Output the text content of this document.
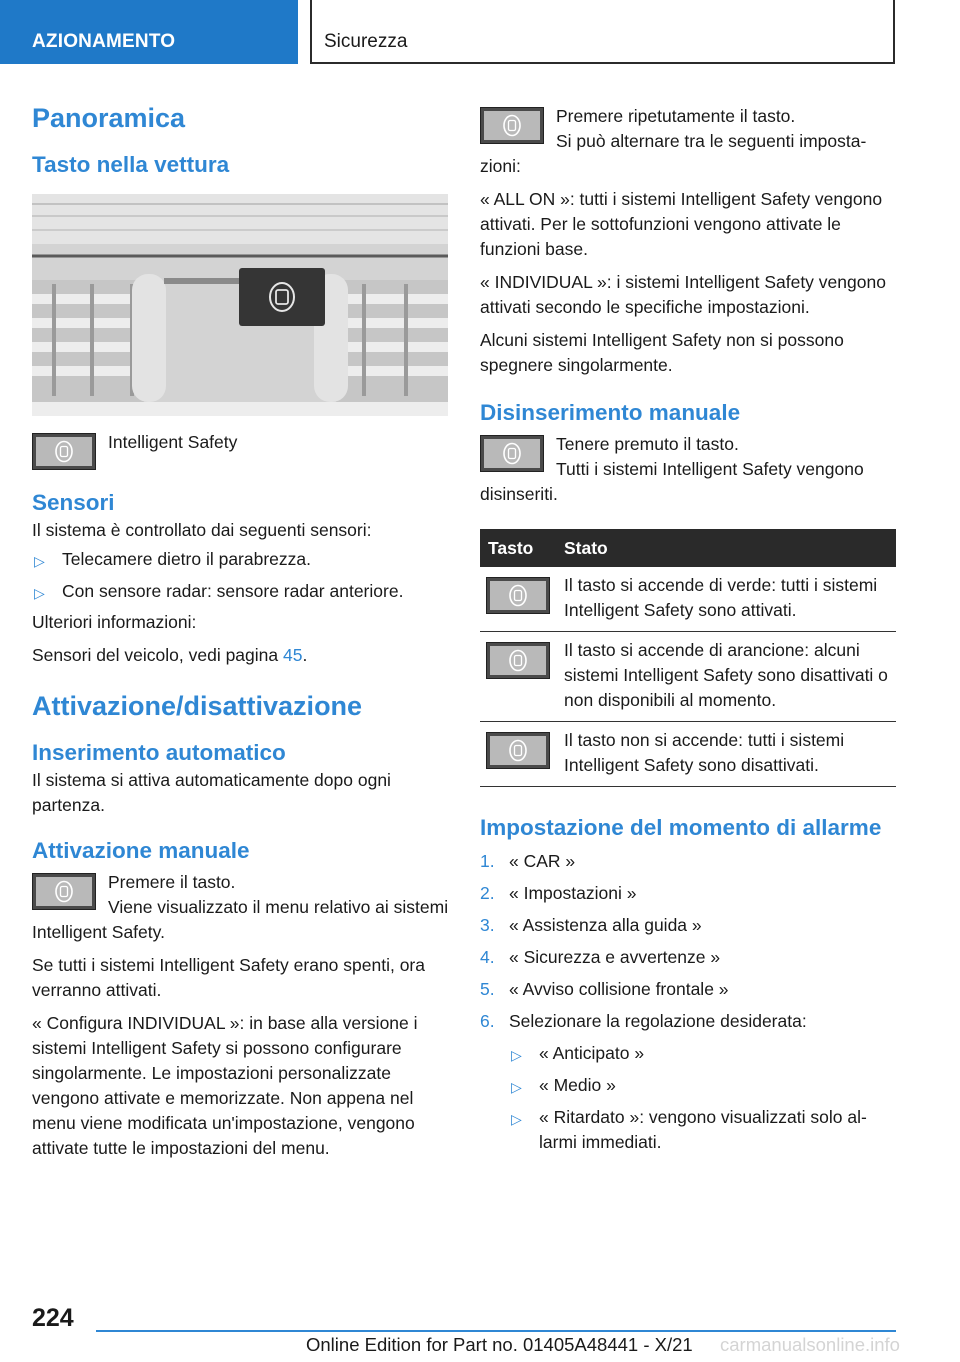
AZIONAMENTO	Sicurezza
Panoramica
Tasto nella vettura

Intelligent Safety

Sensori

Il sistema è controllato dai seguenti sensori:

▷ Telecamere dietro il parabrezza.
▷ Con sensore radar: sensore radar anteriore.

Ulteriori informazioni:

Sensori del veicolo, vedi pagina 45.

Attivazione/disattivazione
Inserimento automatico

Il sistema si attiva automaticamente dopo ogni partenza.

Attivazione manuale

Premere il tasto.

Viene visualizzato il menu relativo ai sistemi Intelligent Safety.

Se tutti i sistemi Intelligent Safety erano spenti, ora verranno attivati.

« Configura INDIVIDUAL »: in base alla versione i sistemi Intelligent Safety si possono configurare singolarmente. Le impostazioni personalizzate vengono attivate e memorizzate. Non appena nel menu viene modificata un'impostazione, vengono attivate tutte le impostazioni del menu.

Premere ripetutamente il tasto.

Si può alternare tra le seguenti impostazioni:

« ALL ON »: tutti i sistemi Intelligent Safety vengono attivati. Per le sottofunzioni vengono attivate le funzioni base.

« INDIVIDUAL »: i sistemi Intelligent Safety vengono attivati secondo le specifiche impostazioni.

Alcuni sistemi Intelligent Safety non si possono spegnere singolarmente.

Disinserimento manuale

Tenere premuto il tasto.

Tutti i sistemi Intelligent Safety vengono disinseriti.

Tasto	Stato

	Il tasto si accende di verde: tutti i sistemi Intelligent Safety sono attivati.

	Il tasto si accende di arancione: alcuni sistemi Intelligent Safety sono disattivati o non disponibili al momento.

	Il tasto non si accende: tutti i sistemi Intelligent Safety sono disattivati.
Impostazione del momento di allarme
1. « CAR »
2. « Impostazioni »
3. « Assistenza alla guida »
4. « Sicurezza e avvertenze »
5. « Avviso collisione frontale »
6. Selezionare la regolazione desiderata:
▷ « Anticipato »
▷ « Medio »
▷ « Ritardato »: vengono visualizzati solo allarmi immediati.
224
Online Edition for Part no. 01405A48441 - X/21 carmanualsonline.info
